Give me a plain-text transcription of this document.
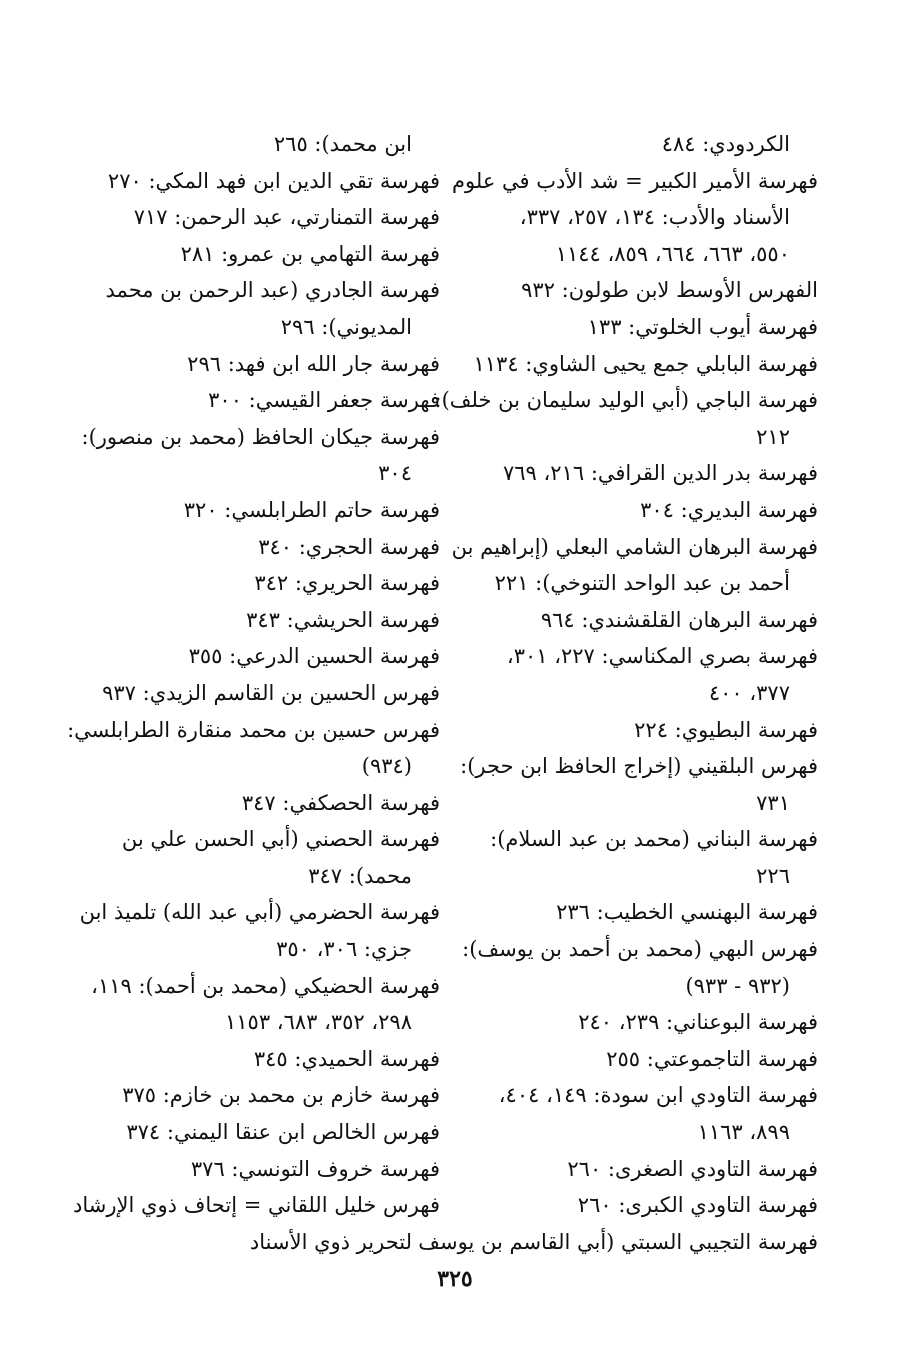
الكردودي: ٤٨٤
فهرسة الأمير الكبير = شد الأدب في علوم
الأسناد والأدب: ١٣٤، ٢٥٧، ٣٣٧،
٥٥٠، ٦٦٣، ٦٦٤، ٨٥٩، ١١٤٤
الفهرس الأوسط لابن طولون: ٩٣٢
فهرسة أيوب الخلوتي: ١٣٣
فهرسة البابلي جمع يحيى الشاوي: ١١٣٤
فهرسة الباجي (أبي الوليد سليمان بن خلف):
٢١٢
فهرسة بدر الدين القرافي: ٢١٦، ٧٦٩
فهرسة البديري: ٣٠٤
فهرسة البرهان الشامي البعلي (إبراهيم بن
أحمد بن عبد الواحد التنوخي): ٢٢١
فهرسة البرهان القلقشندي: ٩٦٤
فهرسة بصري المكناسي: ٢٢٧، ٣٠١،
٣٧٧، ٤٠٠
فهرسة البطيوي: ٢٢٤
فهرس البلقيني (إخراج الحافظ ابن حجر):
٧٣١
فهرسة البناني (محمد بن عبد السلام):
٢٢٦
فهرسة البهنسي الخطيب: ٢٣٦
فهرس البهي (محمد بن أحمد بن يوسف):
(٩٣٢ - ٩٣٣)
فهرسة البوعناني: ٢٣٩، ٢٤٠
فهرسة التاجموعتي: ٢٥٥
فهرسة التاودي ابن سودة: ١٤٩، ٤٠٤،
٨٩٩، ١١٦٣
فهرسة التاودي الصغرى: ٢٦٠
فهرسة التاودي الكبرى: ٢٦٠
فهرسة التجيبي السبتي (أبي القاسم بن يوسف
ابن محمد): ٢٦٥
فهرسة تقي الدين ابن فهد المكي: ٢٧٠
فهرسة التمنارتي، عبد الرحمن: ٧١٧
فهرسة التهامي بن عمرو: ٢٨١
فهرسة الجادري (عبد الرحمن بن محمد
المديوني): ٢٩٦
فهرسة جار الله ابن فهد: ٢٩٦
فهرسة جعفر القيسي: ٣٠٠
فهرسة جيكان الحافظ (محمد بن منصور):
٣٠٤
فهرسة حاتم الطرابلسي: ٣٢٠
فهرسة الحجري: ٣٤٠
فهرسة الحريري: ٣٤٢
فهرسة الحريشي: ٣٤٣
فهرسة الحسين الدرعي: ٣٥٥
فهرس الحسين بن القاسم الزيدي: ٩٣٧
فهرس حسين بن محمد منقارة الطرابلسي:
(٩٣٤)
فهرسة الحصكفي: ٣٤٧
فهرسة الحصني (أبي الحسن علي بن
محمد): ٣٤٧
فهرسة الحضرمي (أبي عبد الله) تلميذ ابن
جزي: ٣٠٦، ٣٥٠
فهرسة الحضيكي (محمد بن أحمد): ١١٩،
٢٩٨، ٣٥٢، ٦٨٣، ١١٥٣
فهرسة الحميدي: ٣٤٥
فهرسة خازم بن محمد بن خازم: ٣٧٥
فهرس الخالص ابن عنقا اليمني: ٣٧٤
فهرسة خروف التونسي: ٣٧٦
فهرس خليل اللقاني = إتحاف ذوي الإرشاد
لتحرير ذوي الأسناد
٣٢٥
